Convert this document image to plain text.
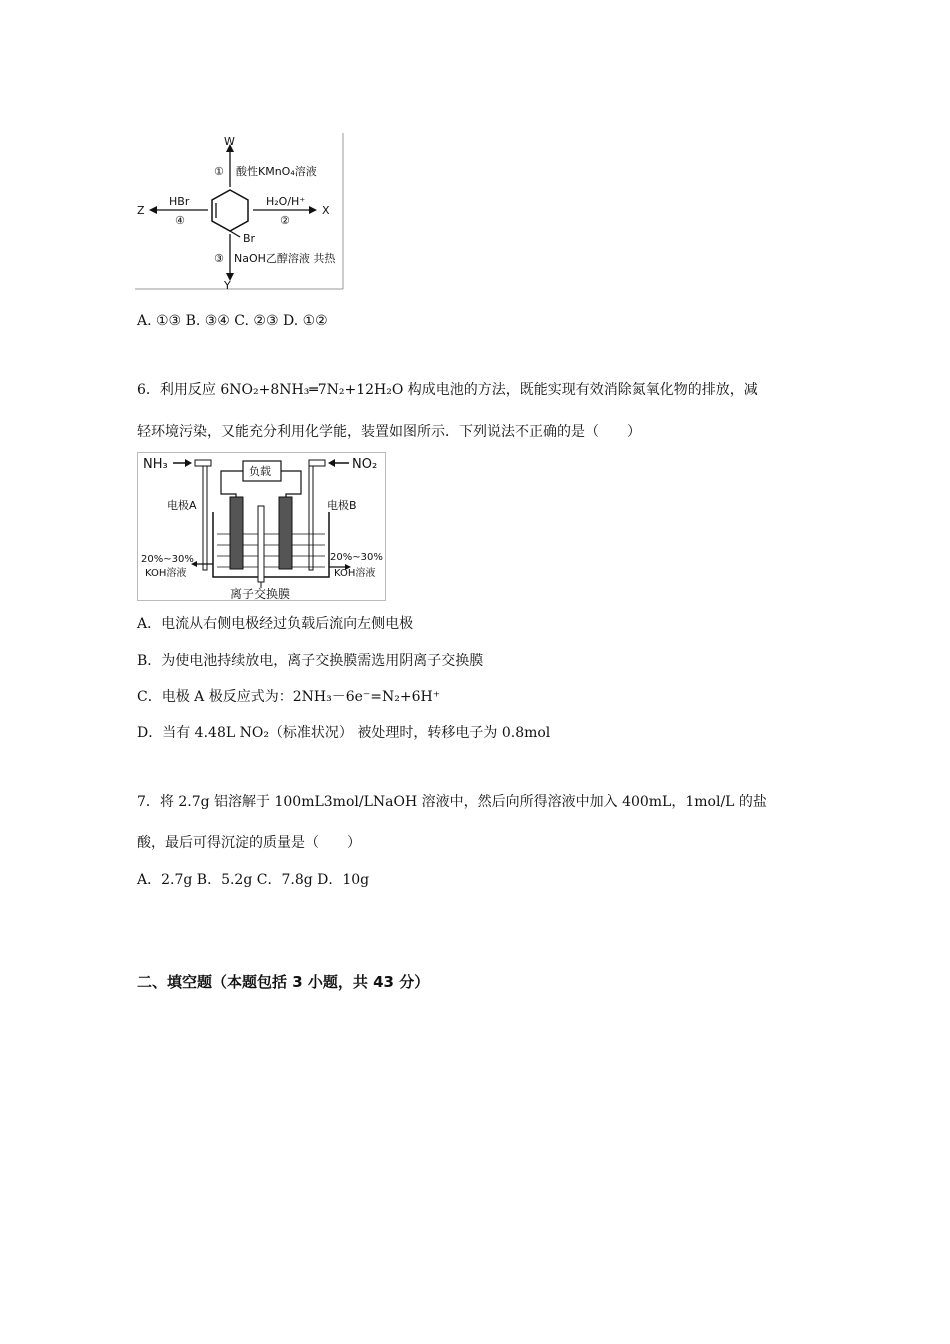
W
① 酸性KMnO₄溶液
HBr
Z
④
H₂O/H⁺
②
X
Br
③ NaOH乙醇溶液 共热
Y
A. ①③ B. ③④ C. ②③ D. ①②
6．利用反应 6NO₂+8NH₃═7N₂+12H₂O 构成电池的方法，既能实现有效消除氮氧化物的排放，减
轻环境污染，又能充分利用化学能，装置如图所示．下列说法不正确的是（　　）
NH₃	NO₂
负载
电极A	电极B
20%~30%
KOH溶液
20%~30%
KOH溶液
离子交换膜
A．电流从右侧电极经过负载后流向左侧电极
B．为使电池持续放电，离子交换膜需选用阴离子交换膜
C．电极 A 极反应式为：2NH₃－6e⁻=N₂+6H⁺
D．当有 4.48L NO₂（标准状况） 被处理时，转移电子为 0.8mol
7．将 2.7g 铝溶解于 100mL3mol/LNaOH 溶液中，然后向所得溶液中加入 400mL，1mol/L 的盐
酸，最后可得沉淀的质量是（　　）
A．2.7g B．5.2g C．7.8g D．10g
二、填空题（本题包括 3 小题，共 43 分）
